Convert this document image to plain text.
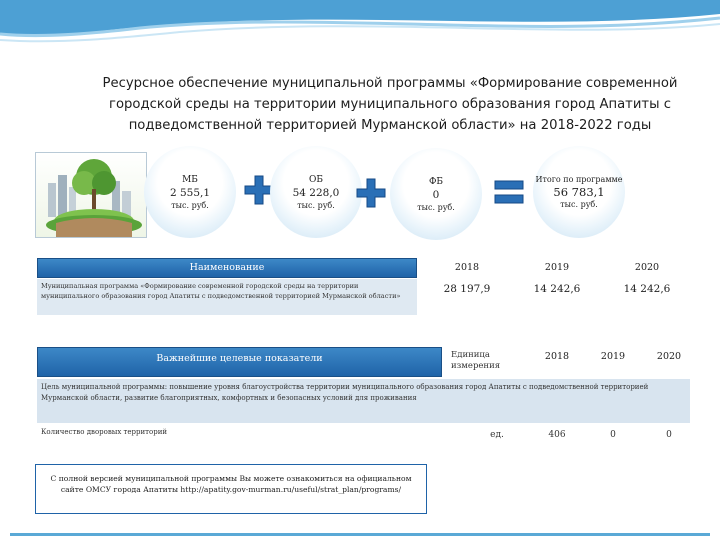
Ресурсное обеспечение муниципальной программы «Формирование современной городской среды на территории муниципального образования город Апатиты с подведомственной территорией Мурманской области» на 2018-2022 годы
МБ
2 555,1
тыс. руб.
ОБ
54 228,0
тыс. руб.
ФБ
0
тыс. руб.
Итого по программе
56 783,1
тыс. руб.
Наименование	2018	2019	2020
Муниципальная программа «Формирование современной городской среды на территории муниципального образования город Апатиты с подведомственной территорией Мурманской области»
28 197,9	14 242,6	14 242,6
Важнейшие целевые показатели	Единица измерения
2018	2019	2020
Цель муниципальной программы: повышение уровня благоустройства территории муниципального образования город Апатиты с подведомственной территорией Мурманской области, развитие благоприятных, комфортных и безопасных условий для проживания
Количество дворовых территорий	ед.	406	0	0
С полной версией муниципальной программы Вы можете ознакомиться на официальном сайте ОМСУ города Апатиты http://apatity.gov-murman.ru/useful/strat_plan/programs/
